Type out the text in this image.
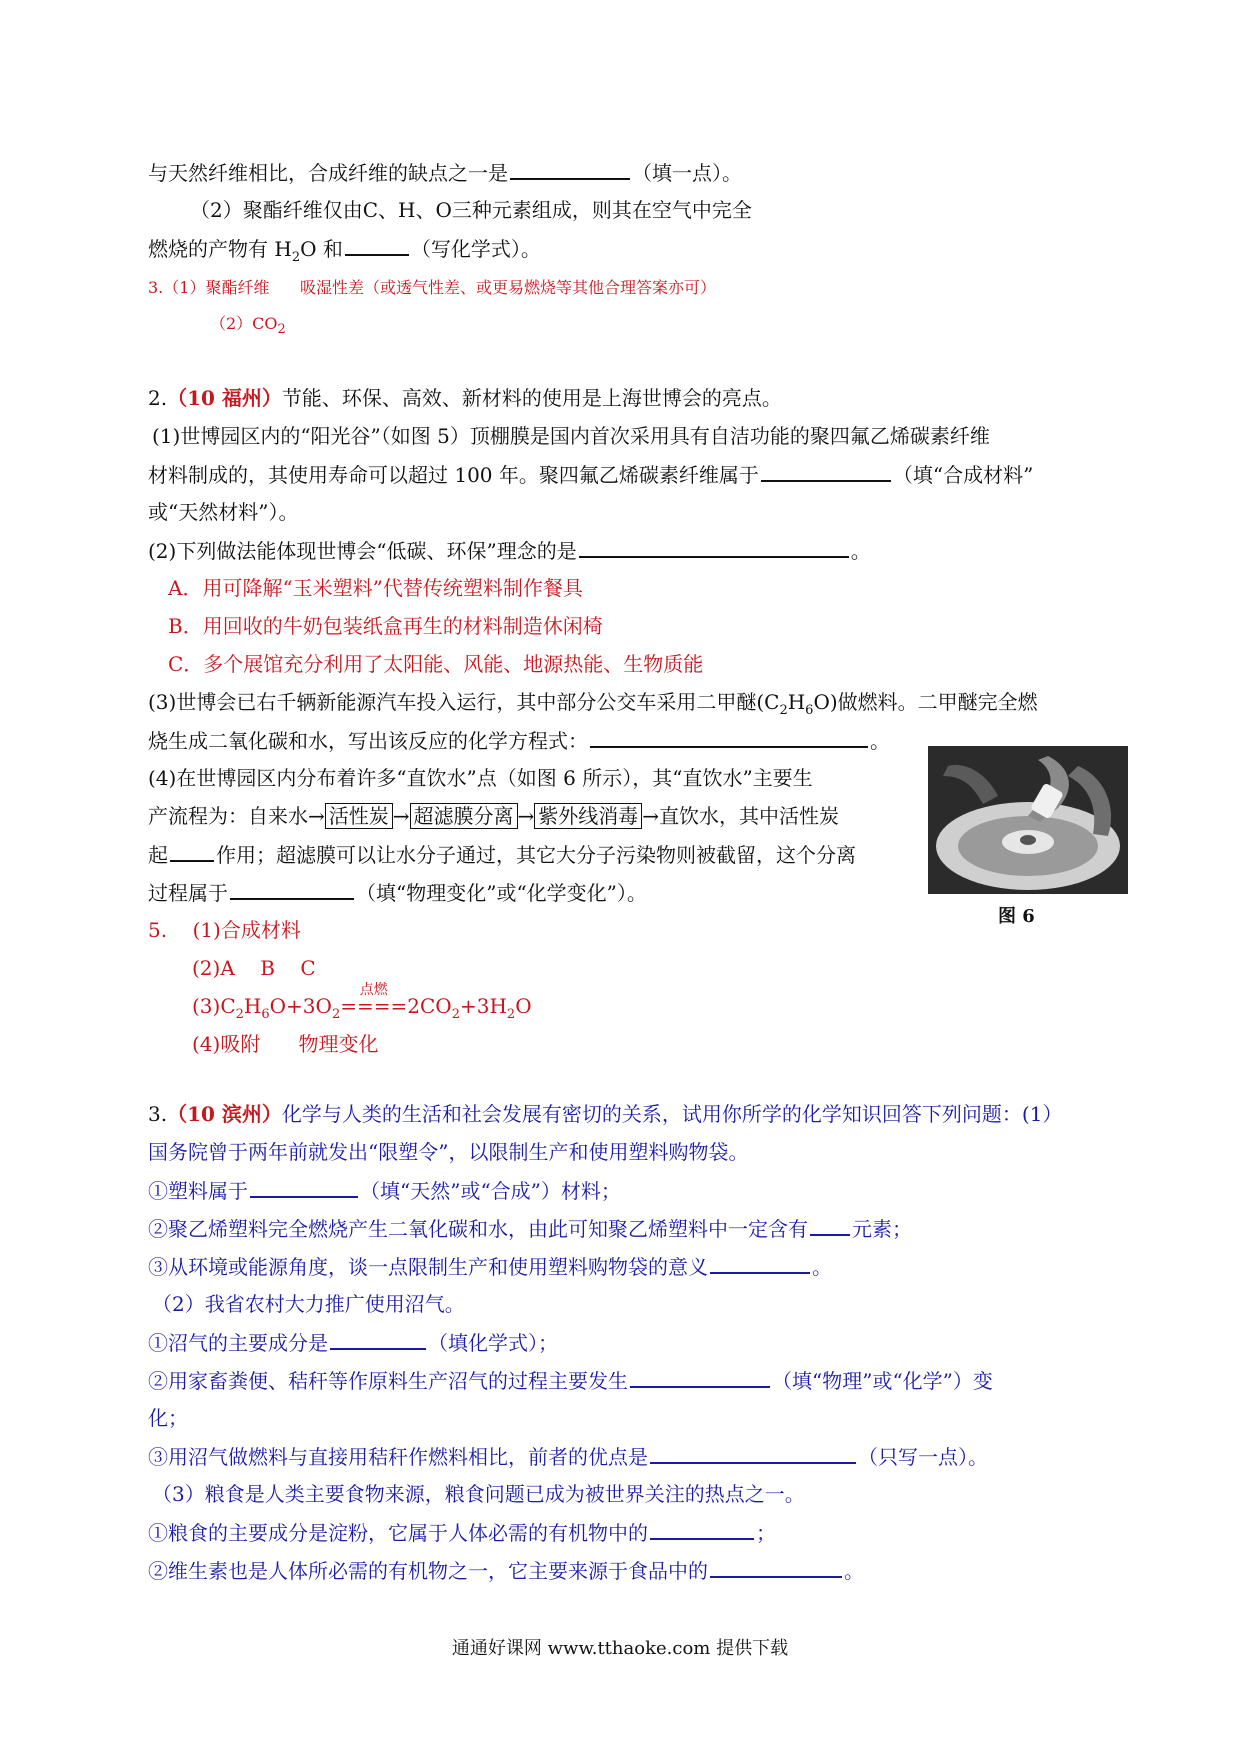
与天然纤维相比，合成纤维的缺点之一是	（填一点）。
（2）聚酯纤维仅由C、H、O三种元素组成，则其在空气中完全
燃烧的产物有 $H_2O$ 和	（写化学式）。
3.（1）聚酯纤维      吸湿性差（或透气性差、或更易燃烧等其他合理答案亦可）
$(2)CO_2$
2.（10 福州）节能、环保、高效、新材料的使用是上海世博会的亮点。
(1)世博园区内的“阳光谷”（如图 5）顶棚膜是国内首次采用具有自洁功能的聚四氟乙烯碳素纤维
材料制成的，其使用寿命可以超过 100 年。聚四氟乙烯碳素纤维属于	（填“合成材料”
或“天然材料”）。
(2)下列做法能体现世博会“低碳、环保”理念的是	。
A．用可降解“玉米塑料”代替传统塑料制作餐具
B．用回收的牛奶包装纸盒再生的材料制造休闲椅
C．多个展馆充分利用了太阳能、风能、地源热能、生物质能
(3)世博会已右千辆新能源汽车投入运行，其中部分公交车采用二甲醚$(C_2H_6O)$做燃料。二甲醚完全燃
烧生成二氧化碳和水，写出该反应的化学方程式：	。
(4)在世博园区内分布着许多“直饮水”点（如图 6 所示），其“直饮水”主要生
产流程为：自来水→ 活性炭 → 超滤膜分离 → 紫外线消毒 →直饮水，其中活性炭
起 作用；超滤膜可以让水分子通过，其它大分子污染物则被截留，这个分离
过程属于	（填“物理变化”或“化学变化”）。
图 6
5. (1)合成材料
(2)A    B    C
$(3)C_2H_6O+3O_2$
点燃
$====2CO_2+3H_2O$
(4)吸附      物理变化
3.（10 滨州）化学与人类的生活和社会发展有密切的关系，试用你所学的化学知识回答下列问题：(1）
国务院曾于两年前就发出“限塑令”，以限制生产和使用塑料购物袋。
①塑料属于	（填“天然”或“合成”）材料；
②聚乙烯塑料完全燃烧产生二氧化碳和水，由此可知聚乙烯塑料中一定含有 元素；
③从环境或能源角度，谈一点限制生产和使用塑料购物袋的意义	。
（2）我省农村大力推广使用沼气。
①沼气的主要成分是	（填化学式）；
②用家畜粪便、秸秆等作原料生产沼气的过程主要发生	（填“物理”或“化学”）变
化；
③用沼气做燃料与直接用秸秆作燃料相比，前者的优点是	（只写一点）。
（3）粮食是人类主要食物来源，粮食问题已成为被世界关注的热点之一。
①粮食的主要成分是淀粉，它属于人体必需的有机物中的	；
②维生素也是人体所必需的有机物之一，它主要来源于食品中的	。
通通好课网 www.tthaoke.com 提供下载
